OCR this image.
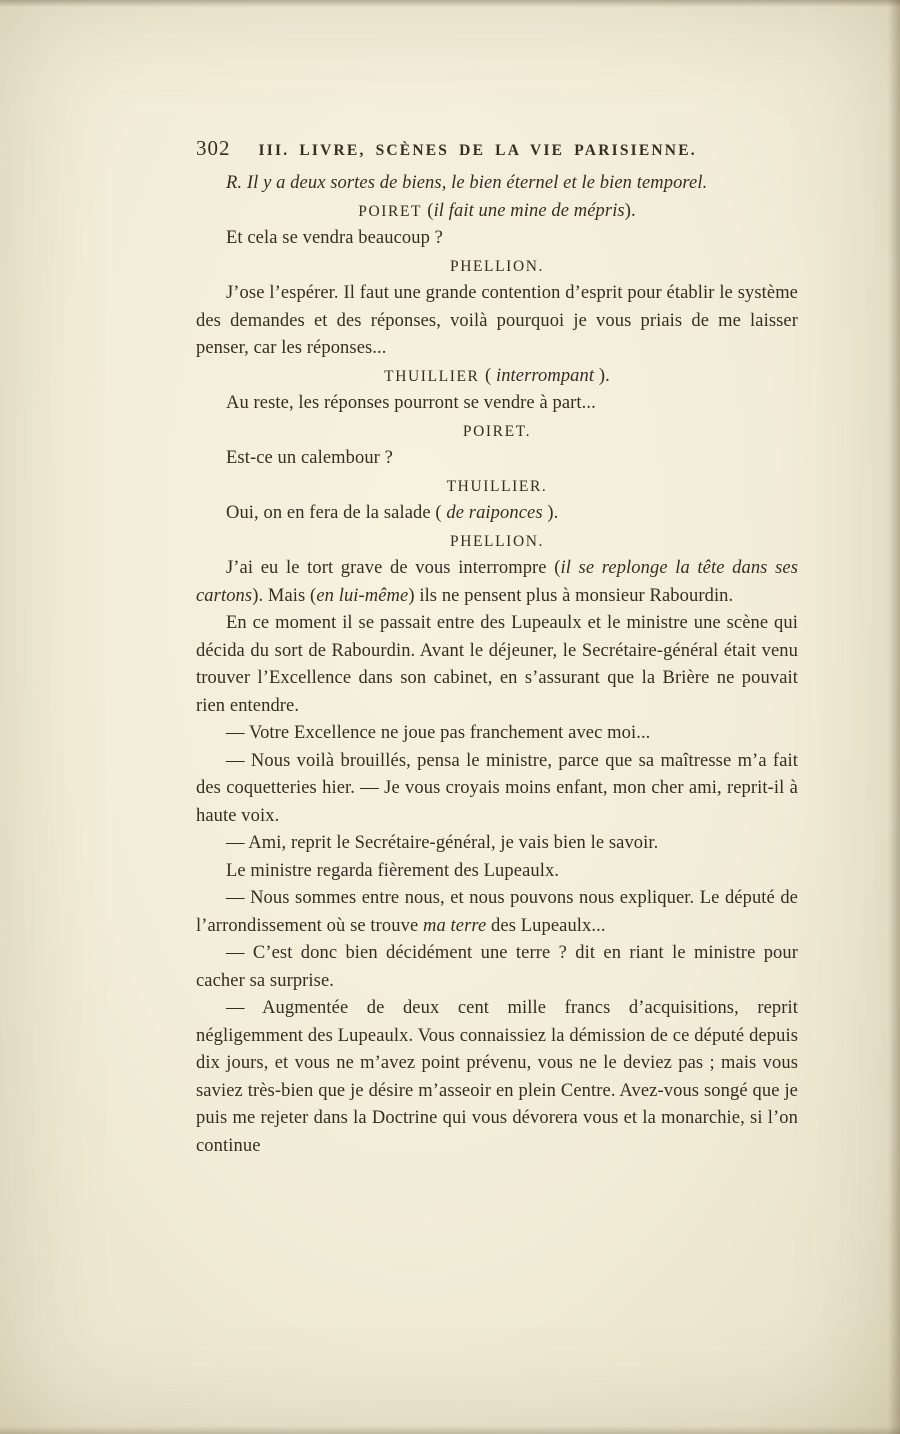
302 III. LIVRE, SCÈNES DE LA VIE PARISIENNE.

R. Il y a deux sortes de biens, le bien éternel et le bien temporel.

POIRET (il fait une mine de mépris).

Et cela se vendra beaucoup ?

PHELLION.

J’ose l’espérer. Il faut une grande contention d’esprit pour établir le système des demandes et des réponses, voilà pourquoi je vous priais de me laisser penser, car les réponses...

THUILLIER ( interrompant ).

Au reste, les réponses pourront se vendre à part...

POIRET.

Est-ce un calembour ?

THUILLIER.

Oui, on en fera de la salade ( de raiponces ).

PHELLION.

J’ai eu le tort grave de vous interrompre (il se replonge la tête dans ses cartons). Mais (en lui-même) ils ne pensent plus à monsieur Rabourdin.

En ce moment il se passait entre des Lupeaulx et le ministre une scène qui décida du sort de Rabourdin. Avant le déjeuner, le Secrétaire-général était venu trouver l’Excellence dans son cabinet, en s’assurant que la Brière ne pouvait rien entendre.

— Votre Excellence ne joue pas franchement avec moi...

— Nous voilà brouillés, pensa le ministre, parce que sa maîtresse m’a fait des coquetteries hier. — Je vous croyais moins enfant, mon cher ami, reprit-il à haute voix.

— Ami, reprit le Secrétaire-général, je vais bien le savoir.

Le ministre regarda fièrement des Lupeaulx.

— Nous sommes entre nous, et nous pouvons nous expliquer. Le député de l’arrondissement où se trouve ma terre des Lupeaulx...

— C’est donc bien décidément une terre ? dit en riant le ministre pour cacher sa surprise.

— Augmentée de deux cent mille francs d’acquisitions, reprit négligemment des Lupeaulx. Vous connaissiez la démission de ce député depuis dix jours, et vous ne m’avez point prévenu, vous ne le deviez pas ; mais vous saviez très-bien que je désire m’asseoir en plein Centre. Avez-vous songé que je puis me rejeter dans la Doctrine qui vous dévorera vous et la monarchie, si l’on continue
